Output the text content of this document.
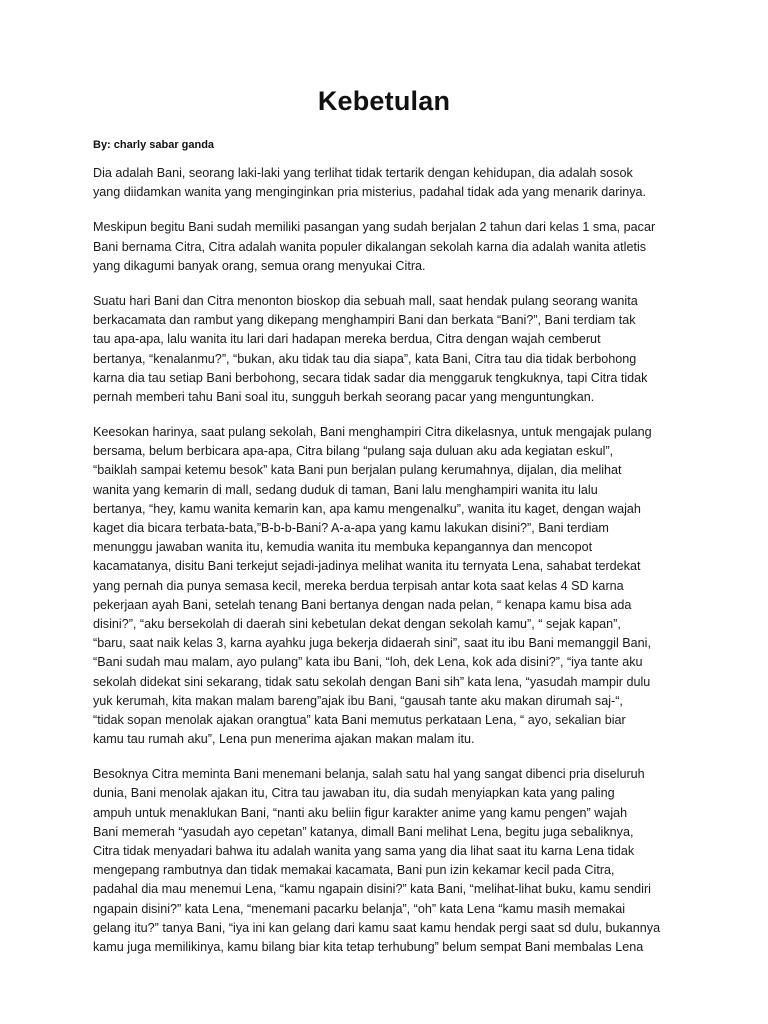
Kebetulan
By: charly sabar ganda
Dia adalah Bani, seorang laki-laki yang terlihat tidak tertarik dengan kehidupan, dia adalah sosok
yang diidamkan wanita yang menginginkan pria misterius, padahal tidak ada yang menarik darinya.
Meskipun begitu Bani sudah memiliki pasangan yang sudah berjalan 2 tahun dari kelas 1 sma, pacar
Bani bernama Citra, Citra adalah wanita populer dikalangan sekolah karna dia adalah wanita atletis
yang dikagumi banyak orang, semua orang menyukai Citra.
Suatu hari Bani dan Citra menonton bioskop dia sebuah mall, saat hendak pulang seorang wanita
berkacamata dan rambut yang dikepang menghampiri Bani dan berkata “Bani?”, Bani terdiam tak
tau apa-apa, lalu wanita itu lari dari hadapan mereka berdua, Citra dengan wajah cemberut
bertanya, “kenalanmu?”, “bukan, aku tidak tau dia siapa”, kata Bani, Citra tau dia tidak berbohong
karna dia tau setiap Bani berbohong, secara tidak sadar dia menggaruk tengkuknya, tapi Citra tidak
pernah memberi tahu Bani soal itu, sungguh berkah seorang pacar yang menguntungkan.
Keesokan harinya, saat pulang sekolah, Bani menghampiri Citra dikelasnya, untuk mengajak pulang
bersama, belum berbicara apa-apa, Citra bilang “pulang saja duluan aku ada kegiatan eskul”,
“baiklah sampai ketemu besok” kata Bani pun berjalan pulang kerumahnya, dijalan, dia melihat
wanita yang kemarin di mall, sedang duduk di taman, Bani lalu menghampiri wanita itu lalu
bertanya, “hey, kamu wanita kemarin kan, apa kamu mengenalku”, wanita itu kaget, dengan wajah
kaget dia bicara terbata-bata,”B-b-b-Bani? A-a-apa yang kamu lakukan disini?”, Bani terdiam
menunggu jawaban wanita itu, kemudia wanita itu membuka kepangannya dan mencopot
kacamatanya, disitu Bani terkejut sejadi-jadinya melihat wanita itu ternyata Lena, sahabat terdekat
yang pernah dia punya semasa kecil, mereka berdua terpisah antar kota saat kelas 4 SD karna
pekerjaan ayah Bani, setelah tenang Bani bertanya dengan nada pelan, “ kenapa kamu bisa ada
disini?”, “aku bersekolah di daerah sini kebetulan dekat dengan sekolah kamu”, “ sejak kapan”,
“baru, saat naik kelas 3, karna ayahku juga bekerja didaerah sini”, saat itu ibu Bani memanggil Bani,
“Bani sudah mau malam, ayo pulang” kata ibu Bani, “loh, dek Lena, kok ada disini?”, “iya tante aku
sekolah didekat sini sekarang, tidak satu sekolah dengan Bani sih” kata lena, “yasudah mampir dulu
yuk kerumah, kita makan malam bareng”ajak ibu Bani, “gausah tante aku makan dirumah saj-“,
“tidak sopan menolak ajakan orangtua” kata Bani memutus perkataan Lena, “ ayo, sekalian biar
kamu tau rumah aku”, Lena pun menerima ajakan makan malam itu.
Besoknya Citra meminta Bani menemani belanja, salah satu hal yang sangat dibenci pria diseluruh
dunia, Bani menolak ajakan itu, Citra tau jawaban itu, dia sudah menyiapkan kata yang paling
ampuh untuk menaklukan Bani, “nanti aku beliin figur karakter anime yang kamu pengen” wajah
Bani memerah “yasudah ayo cepetan” katanya, dimall Bani melihat Lena, begitu juga sebaliknya,
Citra tidak menyadari bahwa itu adalah wanita yang sama yang dia lihat saat itu karna Lena tidak
mengepang rambutnya dan tidak memakai kacamata, Bani pun izin kekamar kecil pada Citra,
padahal dia mau menemui Lena, “kamu ngapain disini?” kata Bani, “melihat-lihat buku, kamu sendiri
ngapain disini?” kata Lena, “menemani pacarku belanja”, “oh” kata Lena “kamu masih memakai
gelang itu?” tanya Bani, “iya ini kan gelang dari kamu saat kamu hendak pergi saat sd dulu, bukannya
kamu juga memilikinya, kamu bilang biar kita tetap terhubung” belum sempat Bani membalas Lena
